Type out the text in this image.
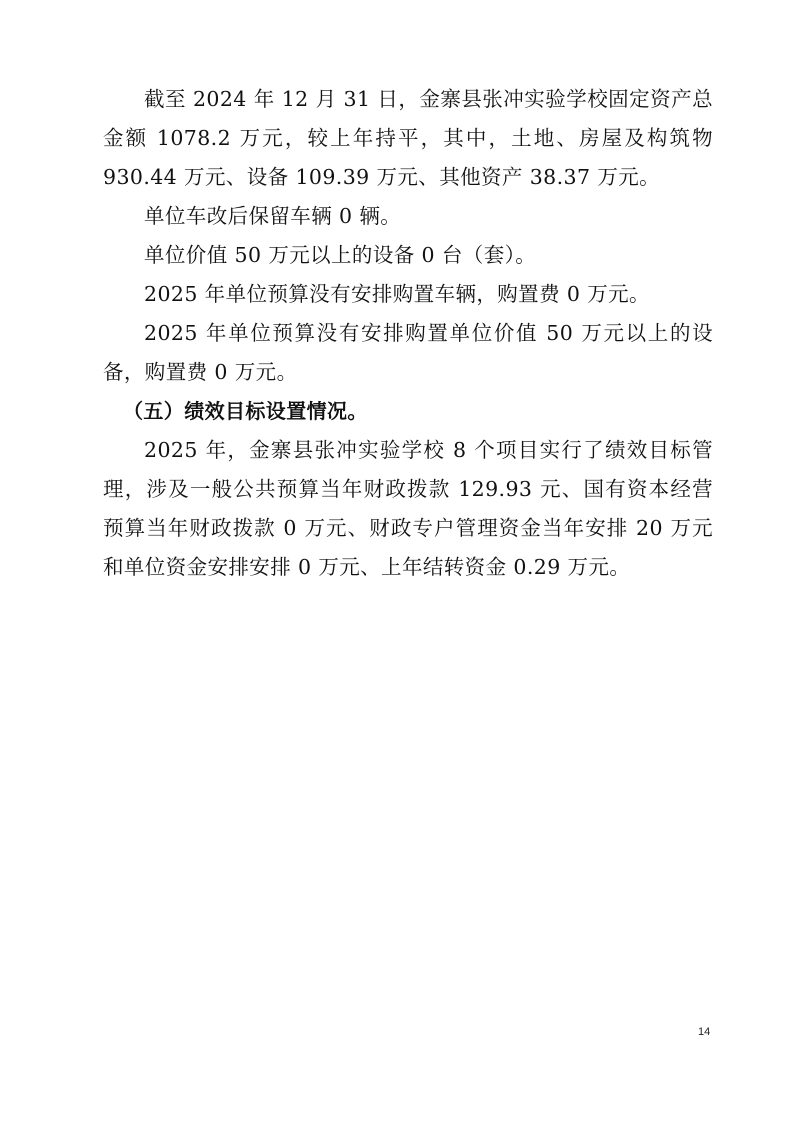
截至 2024 年 12 月 31 日，金寨县张冲实验学校固定资产总金额 1078.2 万元，较上年持平，其中，土地、房屋及构筑物 930.44 万元、设备 109.39 万元、其他资产 38.37 万元。

单位车改后保留车辆 0 辆。

单位价值 50 万元以上的设备 0 台（套）。

2025 年单位预算没有安排购置车辆，购置费 0 万元。

2025 年单位预算没有安排购置单位价值 50 万元以上的设备，购置费 0 万元。

（五）绩效目标设置情况。

2025 年，金寨县张冲实验学校 8 个项目实行了绩效目标管理，涉及一般公共预算当年财政拨款 129.93 元、国有资本经营预算当年财政拨款 0 万元、财政专户管理资金当年安排 20 万元和单位资金安排安排 0 万元、上年结转资金 0.29 万元。

14
